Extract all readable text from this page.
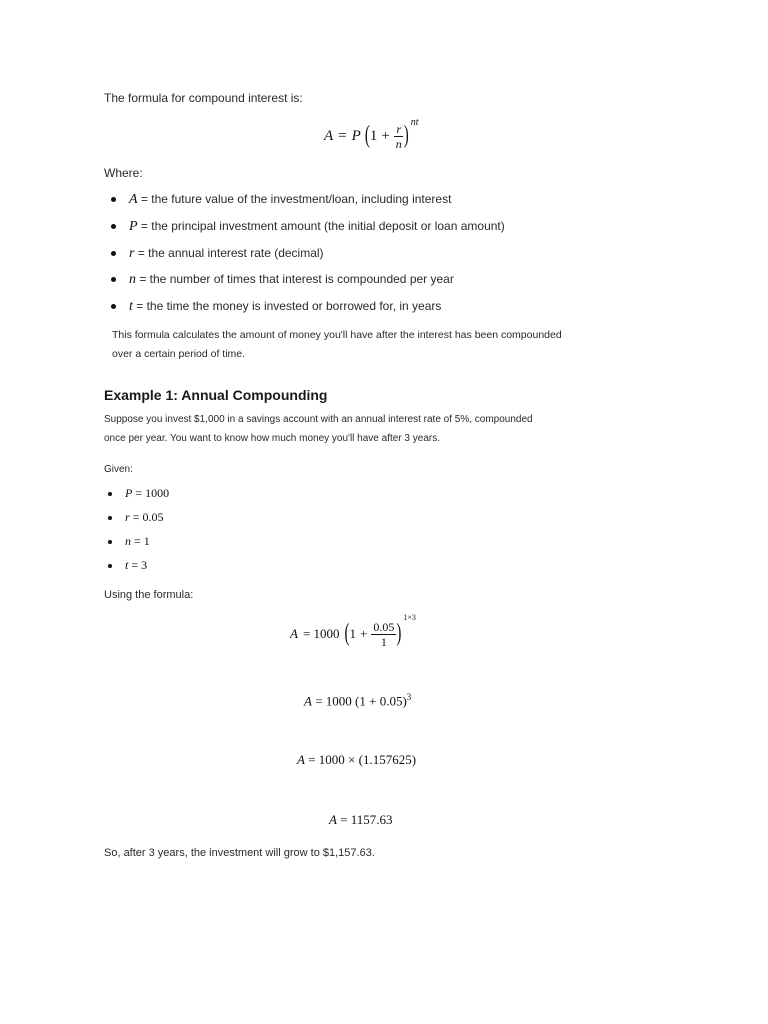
The formula for compound interest is:
A = P ( $1 + \frac{r}{n}$ ) nt
Where:
A = the future value of the investment/loan, including interest
P = the principal investment amount (the initial deposit or loan amount)
r = the annual interest rate (decimal)
n = the number of times that interest is compounded per year
t = the time the money is invested or borrowed for, in years
This formula calculates the amount of money you'll have after the interest has been compounded
over a certain period of time.
Example 1: Annual Compounding
Suppose you invest $1,000 in a savings account with an annual interest rate of 5%, compounded
once per year. You want to know how much money you'll have after 3 years.
Given:
P = 1000
r = 0.05
n = 1
t = 3
Using the formula:
A = 1000 ( $1 + \frac{0.05}{1}$ )
1×3
A = 1000 $(1 + 0.05)^3$
A = 1000 × (1.157625)
A = 1157.63
So, after 3 years, the investment will grow to $1,157.63.
